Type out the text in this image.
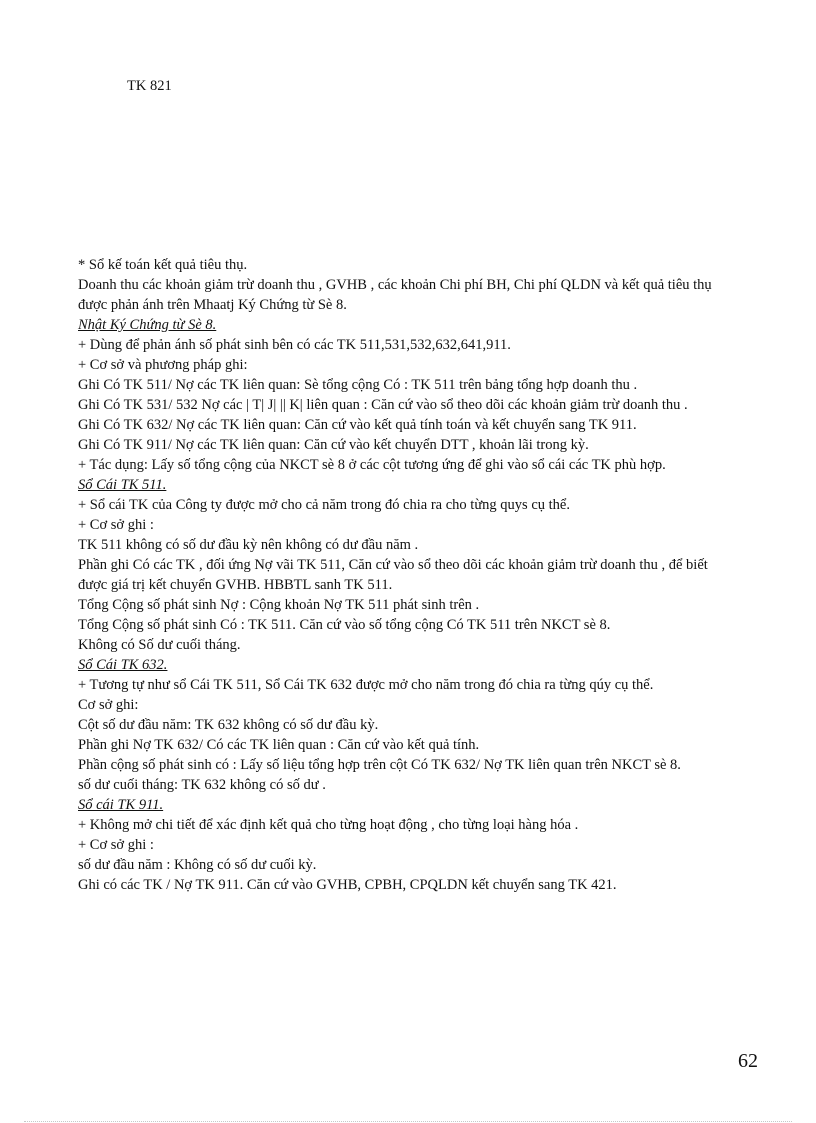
TK 821

* Sổ kế toán kết quả tiêu thụ.

Doanh thu các khoản giảm trừ doanh thu , GVHB , các khoản Chi phí BH, Chi phí QLDN và kết quả tiêu thụ được phản ánh trên Mhaatj Ký Chứng từ Sè 8.

Nhật Ký Chứng từ Sè 8.

+ Dùng để phản ánh số phát sinh bên có các TK 511,531,532,632,641,911.

+ Cơ sở và phương pháp ghi:

Ghi Có TK 511/ Nợ các TK liên quan: Sè tổng cộng Có : TK 511 trên bảng tổng hợp doanh thu .

Ghi Có TK 531/ 532 Nợ các | T| J| || K| liên quan : Căn cứ vào sổ theo dõi các khoản giảm trừ doanh thu .

Ghi Có TK 632/ Nợ các TK liên quan: Căn cứ vào kết quả tính toán và kết chuyển sang TK 911.

Ghi Có TK 911/ Nợ các TK liên quan: Căn cứ vào kết chuyển DTT , khoản lãi trong kỳ.

+ Tác dụng: Lấy số tổng cộng của NKCT sè 8 ở các cột tương ứng để ghi vào sổ cái các TK phù hợp.

Sổ Cái TK 511.

+ Sổ cái TK của Công ty được mở cho cả năm trong đó chia ra cho từng quys cụ thể.

+ Cơ sở ghi :

TK 511 không có số dư đầu kỳ nên không có dư đầu năm .

Phần ghi Có các TK , đối ứng Nợ vãi TK 511, Căn cứ vào sổ theo dõi các khoản giảm trừ doanh thu , để biết được giá trị kết chuyển GVHB. HBBTL sanh TK 511.

Tổng Cộng số phát sinh Nợ : Cộng khoản Nợ TK 511 phát sinh trên .

Tổng Cộng số phát sinh Có : TK 511. Căn cứ vào số tổng cộng Có TK 511 trên NKCT sè 8.

Không có Số dư cuối tháng.

Sổ Cái TK 632.

+ Tương tự như sổ Cái TK 511, Sổ Cái TK 632 được mở cho năm trong đó chia ra từng qúy cụ thể.

Cơ sở ghi:

Cột số dư đầu năm: TK 632 không có số dư đầu kỳ.

Phần ghi Nợ TK 632/ Có các TK liên quan : Căn cứ vào kết quả tính.

Phần cộng số phát sinh có : Lấy số liệu tổng hợp trên cột Có TK 632/ Nợ TK liên quan trên NKCT sè 8.

số dư cuối tháng: TK 632 không có số dư .

Sổ cái TK 911.

+ Không mở chi tiết để xác định kết quả cho từng hoạt động , cho từng loại hàng hóa .

+ Cơ sở ghi :

số dư đầu năm : Không có số dư cuối kỳ.

Ghi có các TK / Nợ TK 911. Căn cứ vào GVHB, CPBH, CPQLDN kết chuyển sang TK 421.

62
